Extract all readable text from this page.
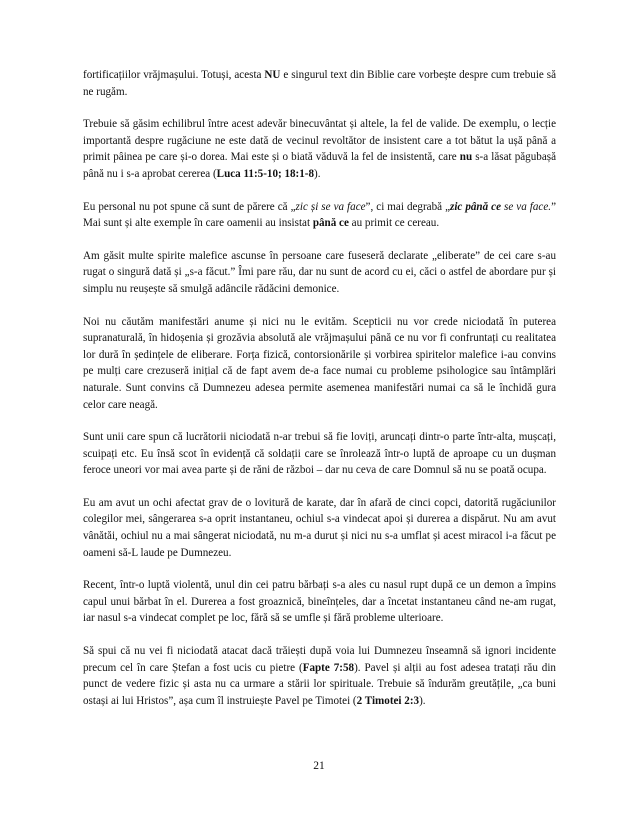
fortificațiilor vrăjmașului. Totuși, acesta NU e singurul text din Biblie care vorbește despre cum trebuie să ne rugăm.

Trebuie să găsim echilibrul între acest adevăr binecuvântat și altele, la fel de valide. De exemplu, o lecție importantă despre rugăciune ne este dată de vecinul revoltător de insistent care a tot bătut la ușă până a primit pâinea pe care și-o dorea. Mai este și o biată văduvă la fel de insistentă, care nu s-a lăsat păgubașă până nu i s-a aprobat cererea (Luca 11:5-10; 18:1-8).

Eu personal nu pot spune că sunt de părere că „zic și se va face”, ci mai degrabă „zic până ce se va face.” Mai sunt și alte exemple în care oamenii au insistat până ce au primit ce cereau.

Am găsit multe spirite malefice ascunse în persoane care fuseseră declarate „eliberate” de cei care s-au rugat o singură dată și „s-a făcut.” Îmi pare rău, dar nu sunt de acord cu ei, căci o astfel de abordare pur și simplu nu reușește să smulgă adâncile rădăcini demonice.

Noi nu căutăm manifestări anume și nici nu le evităm. Scepticii nu vor crede niciodată în puterea supranaturală, în hidoșenia și grozăvia absolută ale vrăjmașului până ce nu vor fi confruntați cu realitatea lor dură în ședințele de eliberare. Forța fizică, contorsionările și vorbirea spiritelor malefice i-au convins pe mulți care crezuseră inițial că de fapt avem de-a face numai cu probleme psihologice sau întâmplări naturale. Sunt convins că Dumnezeu adesea permite asemenea manifestări numai ca să le închidă gura celor care neagă.

Sunt unii care spun că lucrătorii niciodată n-ar trebui să fie loviți, aruncați dintr-o parte într-alta, mușcați, scuipați etc. Eu însă scot în evidență că soldații care se înrolează într-o luptă de aproape cu un dușman feroce uneori vor mai avea parte și de răni de război – dar nu ceva de care Domnul să nu se poată ocupa.

Eu am avut un ochi afectat grav de o lovitură de karate, dar în afară de cinci copci, datorită rugăciunilor colegilor mei, sângerarea s-a oprit instantaneu, ochiul s-a vindecat apoi și durerea a dispărut. Nu am avut vânătăi, ochiul nu a mai sângerat niciodată, nu m-a durut și nici nu s-a umflat și acest miracol i-a făcut pe oameni să-L laude pe Dumnezeu.

Recent, într-o luptă violentă, unul din cei patru bărbați s-a ales cu nasul rupt după ce un demon a împins capul unui bărbat în el. Durerea a fost groaznică, bineînțeles, dar a încetat instantaneu când ne-am rugat, iar nasul s-a vindecat complet pe loc, fără să se umfle și fără probleme ulterioare.

Să spui că nu vei fi niciodată atacat dacă trăiești după voia lui Dumnezeu înseamnă să ignori incidente precum cel în care Ștefan a fost ucis cu pietre (Fapte 7:58). Pavel și alții au fost adesea tratați rău din punct de vedere fizic și asta nu ca urmare a stării lor spirituale. Trebuie să îndurăm greutățile, „ca buni ostași ai lui Hristos”, așa cum îl instruiește Pavel pe Timotei (2 Timotei 2:3).

21
